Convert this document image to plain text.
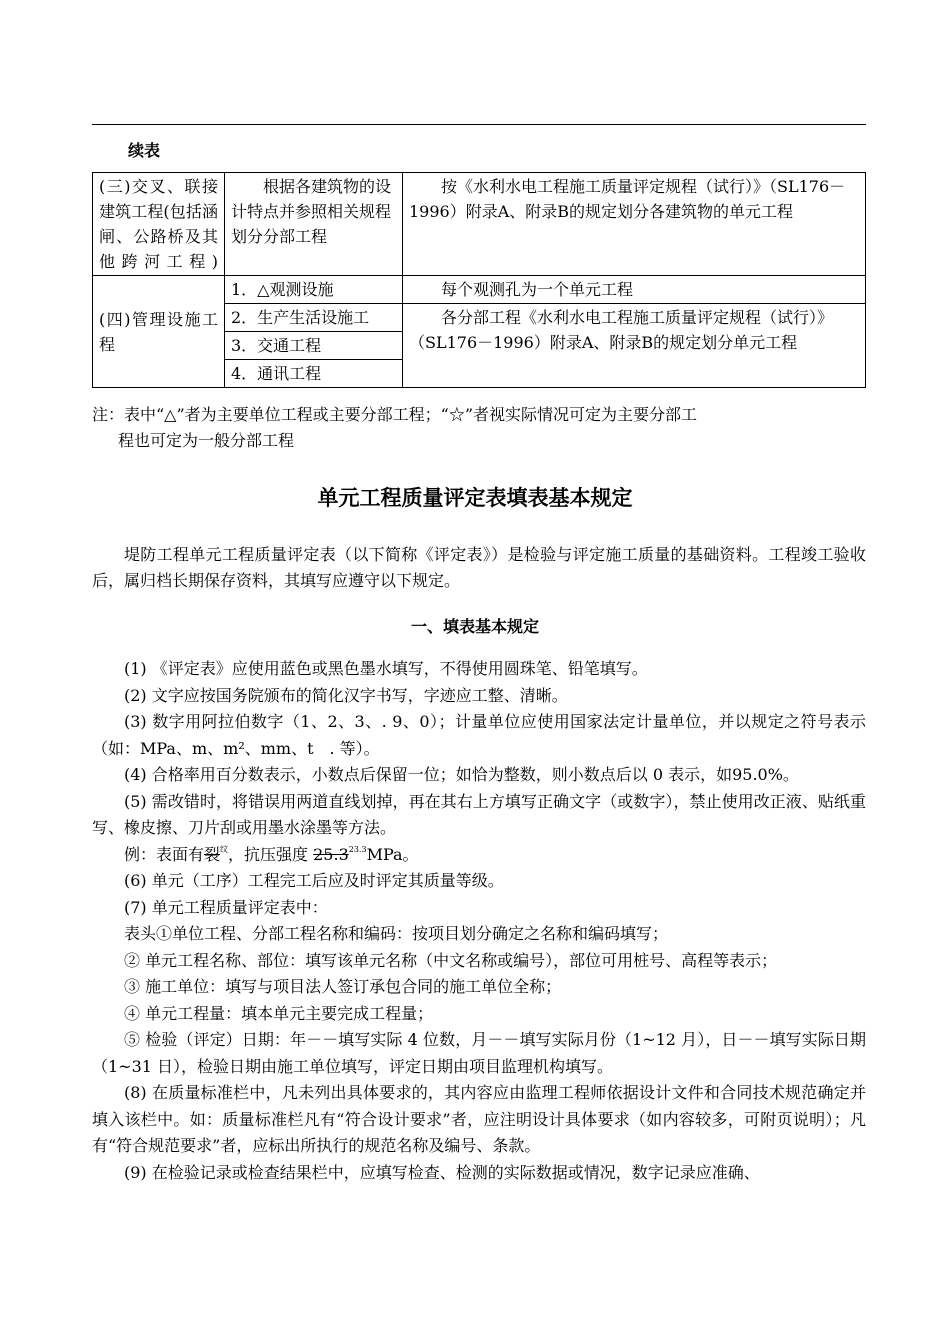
续表
(三)交叉、联接建筑工程(包括涵闸、公路桥及其他跨河工程)	根据各建筑物的设计特点并参照相关规程划分分部工程	按《水利水电工程施工质量评定规程（试行）》（SL176－1996）附录A、附录B的规定划分各建筑物的单元工程
(四)管理设施工程	1．△观测设施	每个观测孔为一个单元工程
	2．生产生活设施工	各分部工程《水利水电工程施工质量评定规程（试行）》（SL176－1996）附录A、附录B的规定划分单元工程
	3．交通工程	
	4．通讯工程	
注：表中“△”者为主要单位工程或主要分部工程；“☆”者视实际情况可定为主要分部工
程也可定为一般分部工程
单元工程质量评定表填表基本规定
堤防工程单元工程质量评定表（以下简称《评定表》）是检验与评定施工质量的基础资料。工程竣工验收后，属归档长期保存资料，其填写应遵守以下规定。
一、填表基本规定

(1) 《评定表》应使用蓝色或黑色墨水填写，不得使用圆珠笔、铅笔填写。

(2) 文字应按国务院颁布的简化汉字书写，字迹应工整、清晰。

(3) 数字用阿拉伯数字（1、2、3、. 9、0）；计量单位应使用国家法定计量单位，并以规定之符号表示（如：MPa、m、m²、mm、t　. 等）。

(4) 合格率用百分数表示，小数点后保留一位；如恰为整数，则小数点后以 0 表示，如95.0%。

(5) 需改错时，将错误用两道直线划掉，再在其右上方填写正确文字（或数字），禁止使用改正液、贴纸重写、橡皮擦、刀片刮或用墨水涂墨等方法。

例：表面有裂$^纹$，抗压强度 $25.3^{23.3}MPa$。

(6) 单元（工序）工程完工后应及时评定其质量等级。

(7) 单元工程质量评定表中：

表头①单位工程、分部工程名称和编码：按项目划分确定之名称和编码填写；

② 单元工程名称、部位：填写该单元名称（中文名称或编号），部位可用桩号、高程等表示；

③ 施工单位：填写与项目法人签订承包合同的施工单位全称；

④ 单元工程量：填本单元主要完成工程量；

⑤ 检验（评定）日期：年－－填写实际 4 位数，月－－填写实际月份（1~12 月），日－－填写实际日期（1~31 日），检验日期由施工单位填写，评定日期由项目监理机构填写。

(8) 在质量标准栏中，凡未列出具体要求的，其内容应由监理工程师依据设计文件和合同技术规范确定并填入该栏中。如：质量标准栏凡有“符合设计要求”者，应注明设计具体要求（如内容较多，可附页说明）；凡有“符合规范要求”者，应标出所执行的规范名称及编号、条款。

(9) 在检验记录或检查结果栏中，应填写检查、检测的实际数据或情况，数字记录应准确、
